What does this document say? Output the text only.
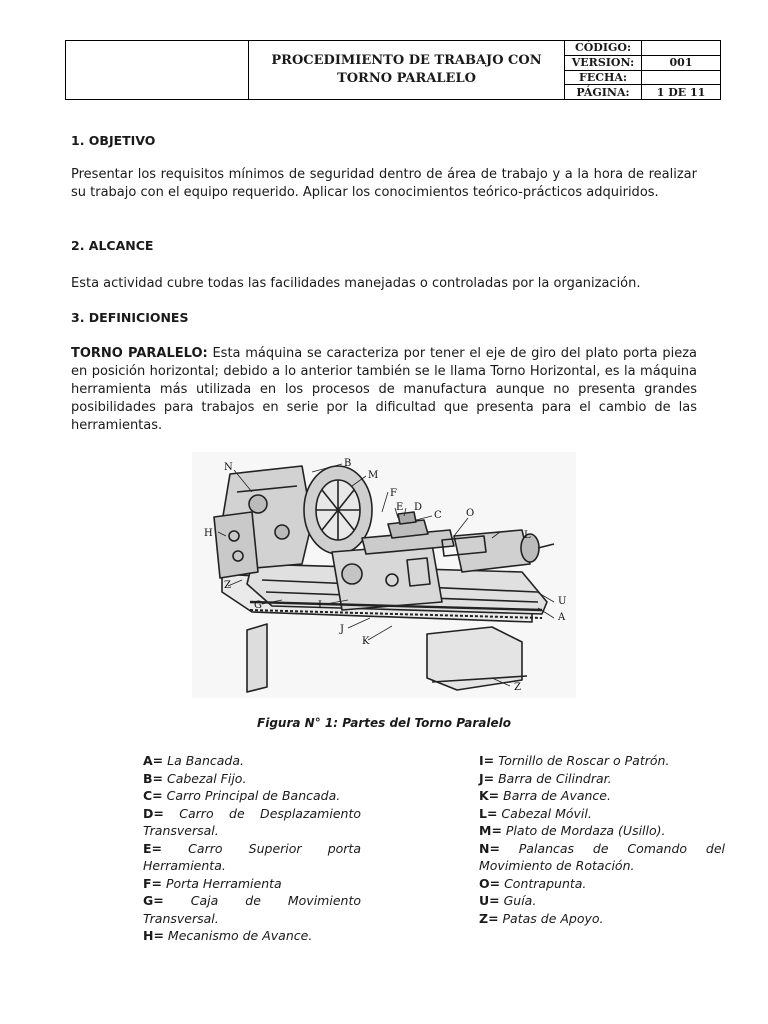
PROCEDIMIENTO DE TRABAJO CON TORNO PARALELO
CÓDIGO:
VERSION:	001
FECHA:
PÁGINA:	1 DE 11
1. OBJETIVO

Presentar los requisitos mínimos de seguridad dentro de área de trabajo y a la hora de realizar su trabajo con el equipo requerido. Aplicar los conocimientos teórico-prácticos adquiridos.

2. ALCANCE

Esta actividad cubre todas las facilidades manejadas o controladas por la organización.

3. DEFINICIONES

TORNO PARALELO: Esta máquina se caracteriza por tener el eje de giro del plato porta pieza en posición horizontal; debido a lo anterior también se le llama Torno Horizontal, es la máquina herramienta más utilizada en los procesos de manufactura aunque no presenta grandes posibilidades para trabajos en serie por la dificultad que presenta para el cambio de las herramientas.

N	B
M
F
E D
C O
L
H
Z
G	I
J
K
U
A
Z
Figura N° 1: Partes del Torno Paralelo

A= La Bancada.

B= Cabezal Fijo.

C= Carro Principal de Bancada.

D= Carro de Desplazamiento Transversal.

E= Carro Superior porta Herramienta.

F= Porta Herramienta

G= Caja de Movimiento Transversal.

H= Mecanismo de Avance.

I= Tornillo de Roscar o Patrón.

J= Barra de Cilindrar.

K= Barra de Avance.

L= Cabezal Móvil.

M= Plato de Mordaza (Usillo).

N= Palancas de Comando del Movimiento de Rotación.

O= Contrapunta.

U= Guía.

Z= Patas de Apoyo.
